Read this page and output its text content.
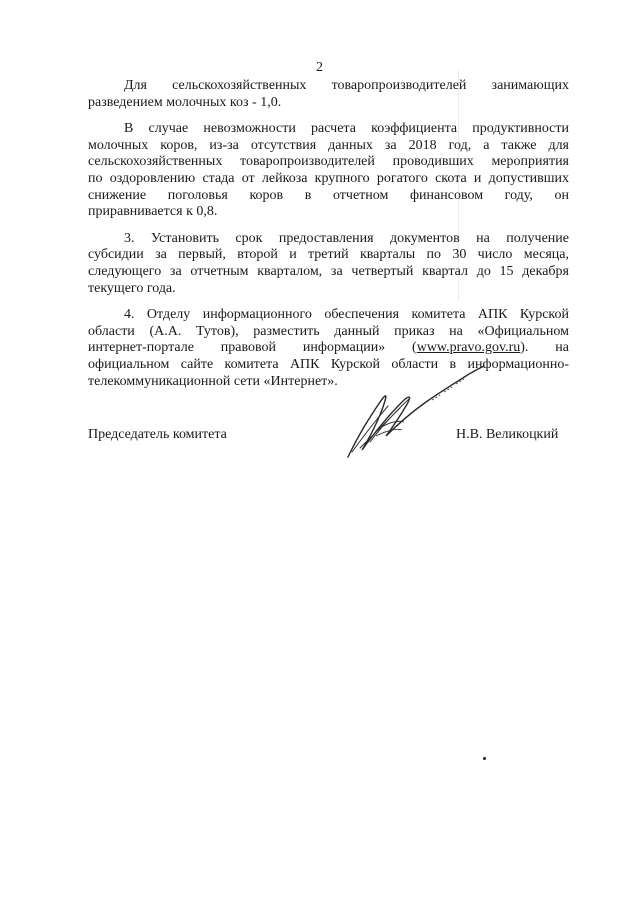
2

Для сельскохозяйственных товаропроизводителей занимающих
разведением молочных коз - 1,0.

В случае невозможности расчета коэффициента продуктивности
молочных коров, из-за отсутствия данных за 2018 год, а также для
сельскохозяйственных товаропроизводителей проводивших мероприятия
по оздоровлению стада от лейкоза крупного рогатого скота и допустивших
снижение поголовья коров в отчетном финансовом году, он
приравнивается к 0,8.

3. Установить срок предоставления документов на получение
субсидии за первый, второй и третий кварталы по 30 число месяца,
следующего за отчетным кварталом, за четвертый квартал до 15 декабря
текущего года.

4. Отделу информационного обеспечения комитета АПК Курской
области (А.А. Тутов), разместить данный приказ на «Официальном
интернет-портале правовой информации» (www.pravo.gov.ru). на
официальном сайте комитета АПК Курской области в информационно-
телекоммуникационной сети «Интернет».

Председатель комитета	Н.В. Великоцкий
